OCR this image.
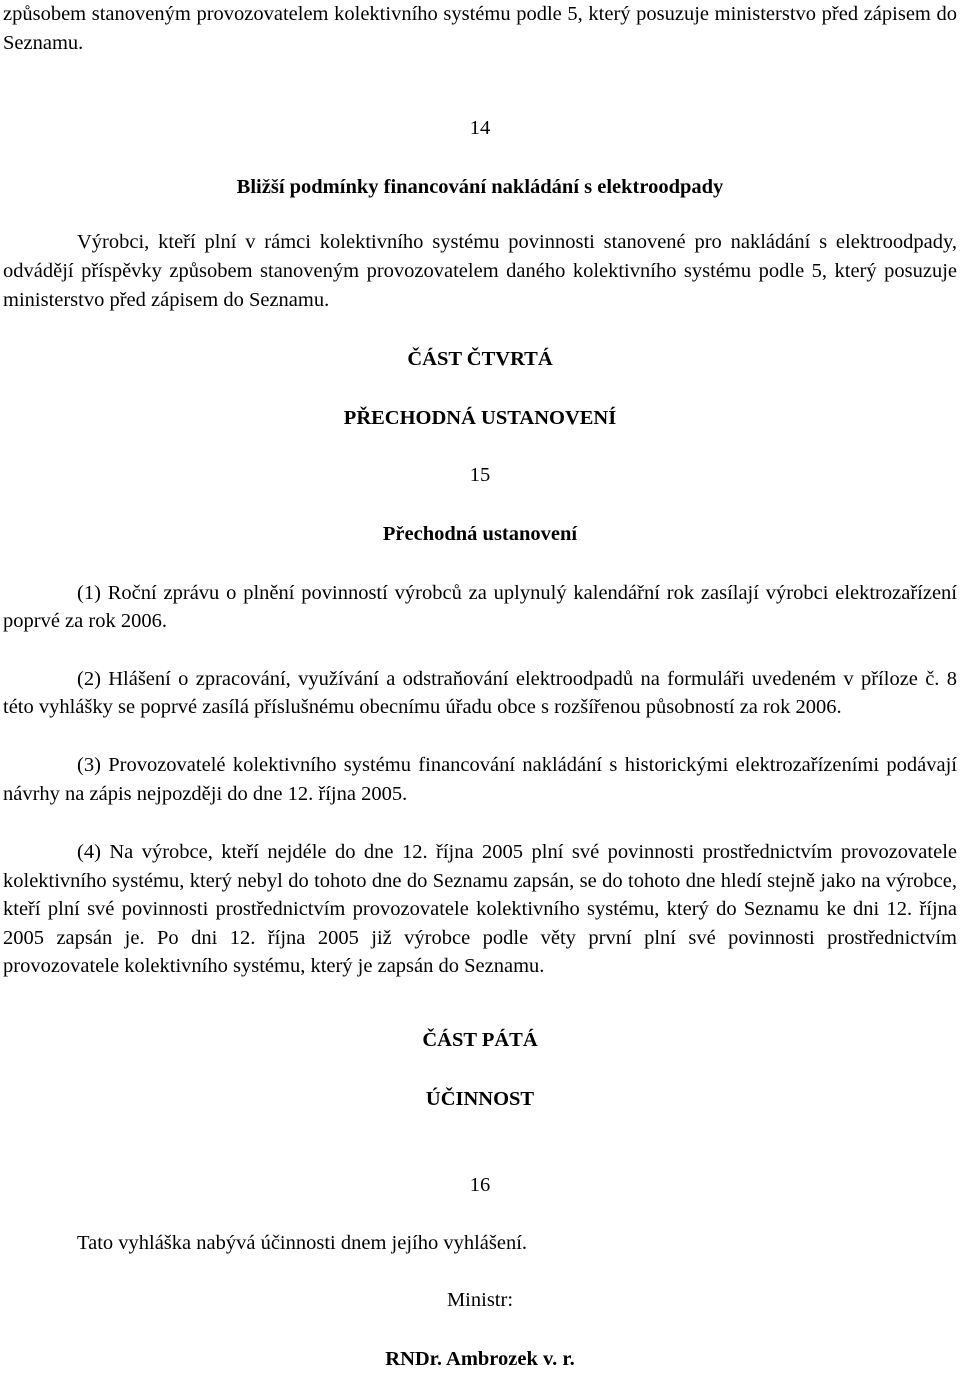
způsobem stanoveným provozovatelem kolektivního systému podle 5, který posuzuje ministerstvo před zápisem do Seznamu.

14

Bližší podmínky financování nakládání s elektroodpady

Výrobci, kteří plní v rámci kolektivního systému povinnosti stanovené pro nakládání s elektroodpady, odvádějí příspěvky způsobem stanoveným provozovatelem daného kolektivního systému podle 5, který posuzuje ministerstvo před zápisem do Seznamu.

ČÁST ČTVRTÁ

PŘECHODNÁ USTANOVENÍ

15

Přechodná ustanovení

(1) Roční zprávu o plnění povinností výrobců za uplynulý kalendářní rok zasílají výrobci elektrozařízení poprvé za rok 2006.

(2) Hlášení o zpracování, využívání a odstraňování elektroodpadů na formuláři uvedeném v příloze č. 8 této vyhlášky se poprvé zasílá příslušnému obecnímu úřadu obce s rozšířenou působností za rok 2006.

(3) Provozovatelé kolektivního systému financování nakládání s historickými elektrozařízeními podávají návrhy na zápis nejpozději do dne 12. října 2005.

(4) Na výrobce, kteří nejdéle do dne 12. října 2005 plní své povinnosti prostřednictvím provozovatele kolektivního systému, který nebyl do tohoto dne do Seznamu zapsán, se do tohoto dne hledí stejně jako na výrobce, kteří plní své povinnosti prostřednictvím provozovatele kolektivního systému, který do Seznamu ke dni 12. října 2005 zapsán je. Po dni 12. října 2005 již výrobce podle věty první plní své povinnosti prostřednictvím provozovatele kolektivního systému, který je zapsán do Seznamu.

ČÁST PÁTÁ

ÚČINNOST

16

Tato vyhláška nabývá účinnosti dnem jejího vyhlášení.

Ministr:

RNDr. Ambrozek v. r.
